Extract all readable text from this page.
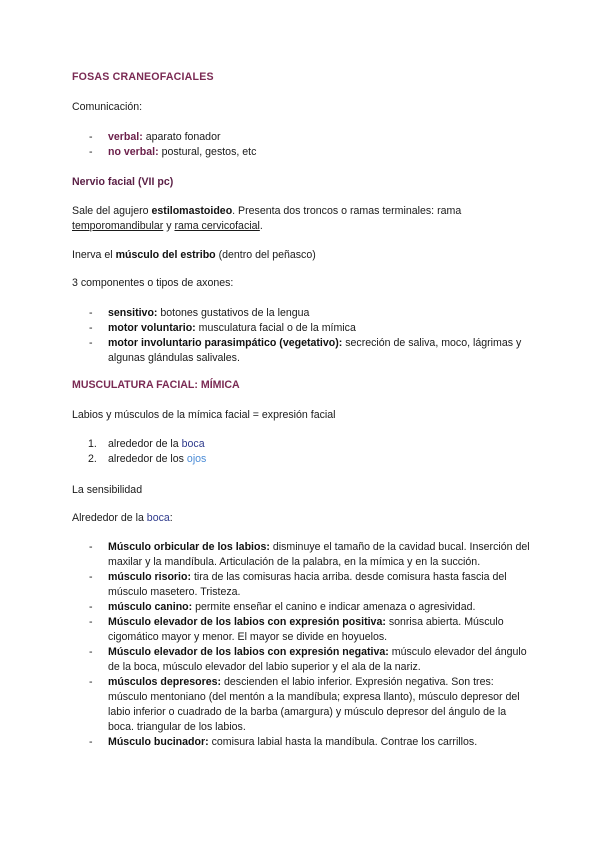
FOSAS CRANEOFACIALES

Comunicación:

- verbal: aparato fonador
- no verbal: postural, gestos, etc

Nervio facial (VII pc)

Sale del agujero estilomastoideo. Presenta dos troncos o ramas terminales: rama temporomandibular y rama cervicofacial.

Inerva el músculo del estribo (dentro del peñasco)

3 componentes o tipos de axones:

- sensitivo: botones gustativos de la lengua
- motor voluntario: musculatura facial o de la mímica
- motor involuntario parasimpático (vegetativo): secreción de saliva, moco, lágrimas y algunas glándulas salivales.

MUSCULATURA FACIAL: MÍMICA

Labios y músculos de la mímica facial = expresión facial

1. alrededor de la boca
2. alrededor de los ojos

La sensibilidad

Alrededor de la boca:

- Músculo orbicular de los labios: disminuye el tamaño de la cavidad bucal. Inserción del maxilar y la mandíbula. Articulación de la palabra, en la mímica y en la succión.
- músculo risorio: tira de las comisuras hacia arriba. desde comisura hasta fascia del músculo masetero. Tristeza.
- músculo canino: permite enseñar el canino e indicar amenaza o agresividad.
- Músculo elevador de los labios con expresión positiva: sonrisa abierta. Músculo cigomático mayor y menor. El mayor se divide en hoyuelos.
- Músculo elevador de los labios con expresión negativa: músculo elevador del ángulo de la boca, músculo elevador del labio superior y el ala de la nariz.
- músculos depresores: descienden el labio inferior. Expresión negativa. Son tres: músculo mentoniano (del mentón a la mandíbula; expresa llanto), músculo depresor del labio inferior o cuadrado de la barba (amargura) y músculo depresor del ángulo de la boca. triangular de los labios.
- Músculo bucinador: comisura labial hasta la mandíbula. Contrae los carrillos.
